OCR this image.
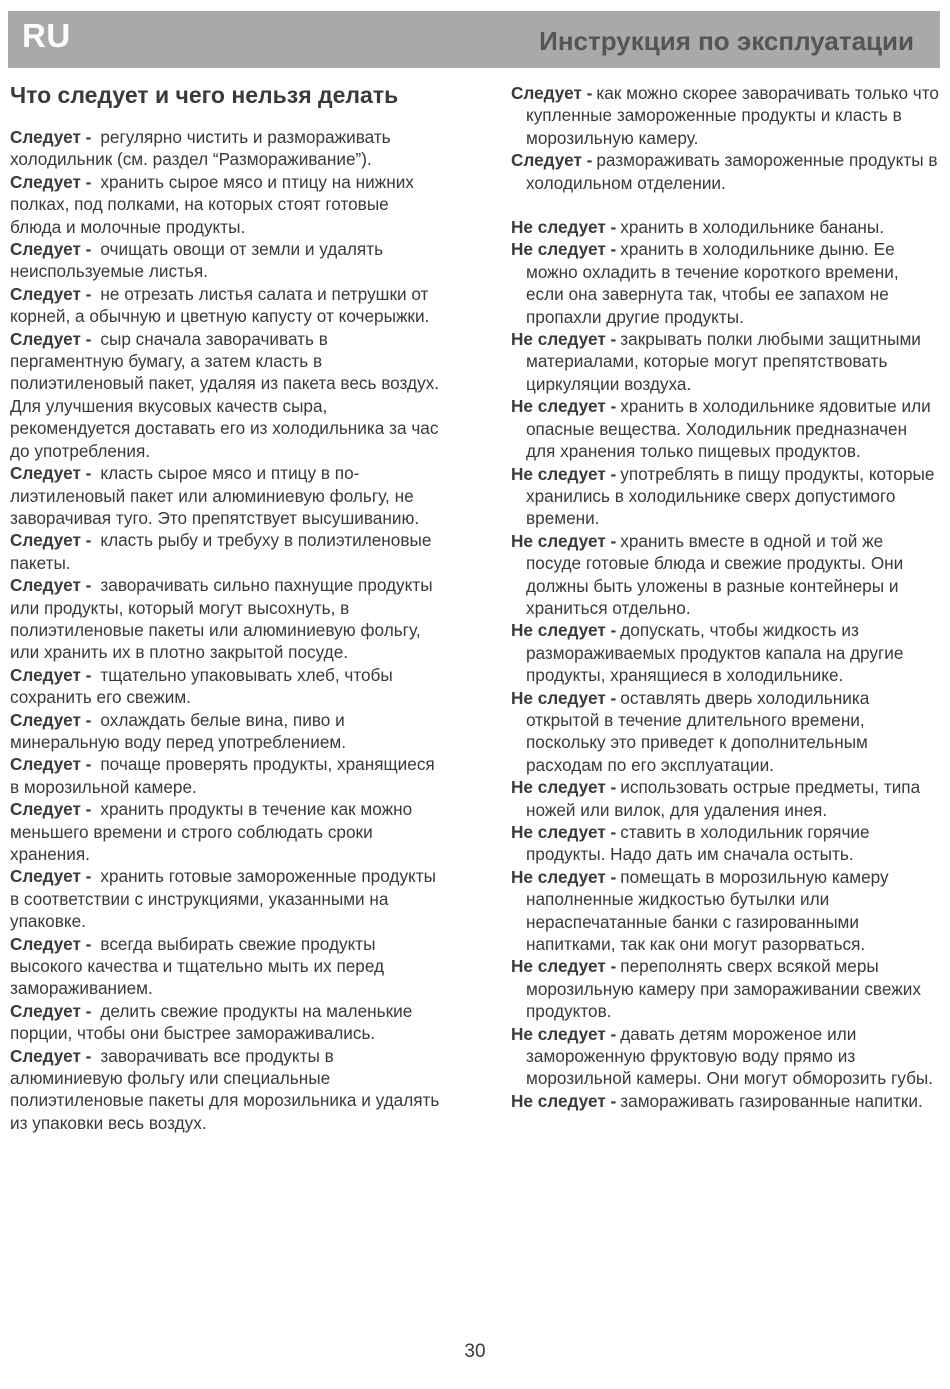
RU	Инструкция по эксплуатации
Что следует и чего нельзя делать

Следует - регулярно чистить и размораживать холодильник (см. раздел “Размораживание”).

Следует - хранить сырое мясо и птицу на нижних полках, под полками, на которых стоят готовые блюда и молочные продукты.

Следует - очищать овощи от земли и удалять неиспользуемые листья.

Следует - не отрезать листья салата и петрушки от корней, а обычную и цветную капусту от кочерыжки.

Следует - сыр сначала заворачивать в пергаментную бумагу, а затем класть в полиэтиленовый пакет, удаляя из пакета весь воздух. Для улучшения вкусовых качеств сыра, рекомендуется доставать его из холодильника за час до употребления.

Следует - класть сырое мясо и птицу в по-лиэтиленовый пакет или алюминиевую фольгу, не заворачивая туго. Это препятствует высушиванию.

Следует - класть рыбу и требуху в полиэтиленовые пакеты.

Следует - заворачивать сильно пахнущие продукты или продукты, который могут высохнуть, в полиэтиленовые пакеты или алюминиевую фольгу, или хранить их в плотно закрытой посуде.

Следует - тщательно упаковывать хлеб, чтобы сохранить его свежим.

Следует - охлаждать белые вина, пиво и минеральную воду перед употреблением.

Следует - почаще проверять продукты, хранящиеся в морозильной камере.

Следует - хранить продукты в течение как можно меньшего времени и строго соблюдать сроки хранения.

Следует - хранить готовые замороженные продукты в соответствии с инструкциями, указанными на упаковке.

Следует - всегда выбирать свежие продукты высокого качества и тщательно мыть их перед замораживанием.

Следует - делить свежие продукты на маленькие порции, чтобы они быстрее замораживались.

Следует - заворачивать все продукты в алюминиевую фольгу или специальные полиэтиленовые пакеты для морозильника и удалять из упаковки весь воздух.

Следует - как можно скорее заворачивать только что купленные замороженные продукты и класть в морозильную камеру.

Следует - размораживать замороженные продукты в холодильном отделении.

Не следует - хранить в холодильнике бананы.

Не следует - хранить в холодильнике дыню. Ее можно охладить в течение короткого времени, если она завернута так, чтобы ее запахом не пропахли другие продукты.

Не следует - закрывать полки любыми защитными материалами, которые могут препятствовать циркуляции воздуха.

Не следует - хранить в холодильнике ядовитые или опасные вещества. Холодильник предназначен для хранения только пищевых продуктов.

Не следует - употреблять в пищу продукты, которые хранились в холодильнике сверх допустимого времени.

Не следует - хранить вместе в одной и той же посуде готовые блюда и свежие продукты. Они должны быть уложены в разные контейнеры и храниться отдельно.

Не следует - допускать, чтобы жидкость из размораживаемых продуктов капала на другие продукты, хранящиеся в холодильнике.

Не следует - оставлять дверь холодильника открытой в течение длительного времени, поскольку это приведет к дополнительным расходам по его эксплуатации.

Не следует - использовать острые предметы, типа ножей или вилок, для удаления инея.

Не следует - ставить в холодильник горячие продукты. Надо дать им сначала остыть.

Не следует - помещать в морозильную камеру наполненные жидкостью бутылки или нераспечатанные банки с газированными напитками, так как они могут разорваться.

Не следует - переполнять сверх всякой меры морозильную камеру при замораживании свежих продуктов.

Не следует - давать детям мороженое или замороженную фруктовую воду прямо из морозильной камеры. Они могут обморозить губы.

Не следует - замораживать газированные напитки.

30
